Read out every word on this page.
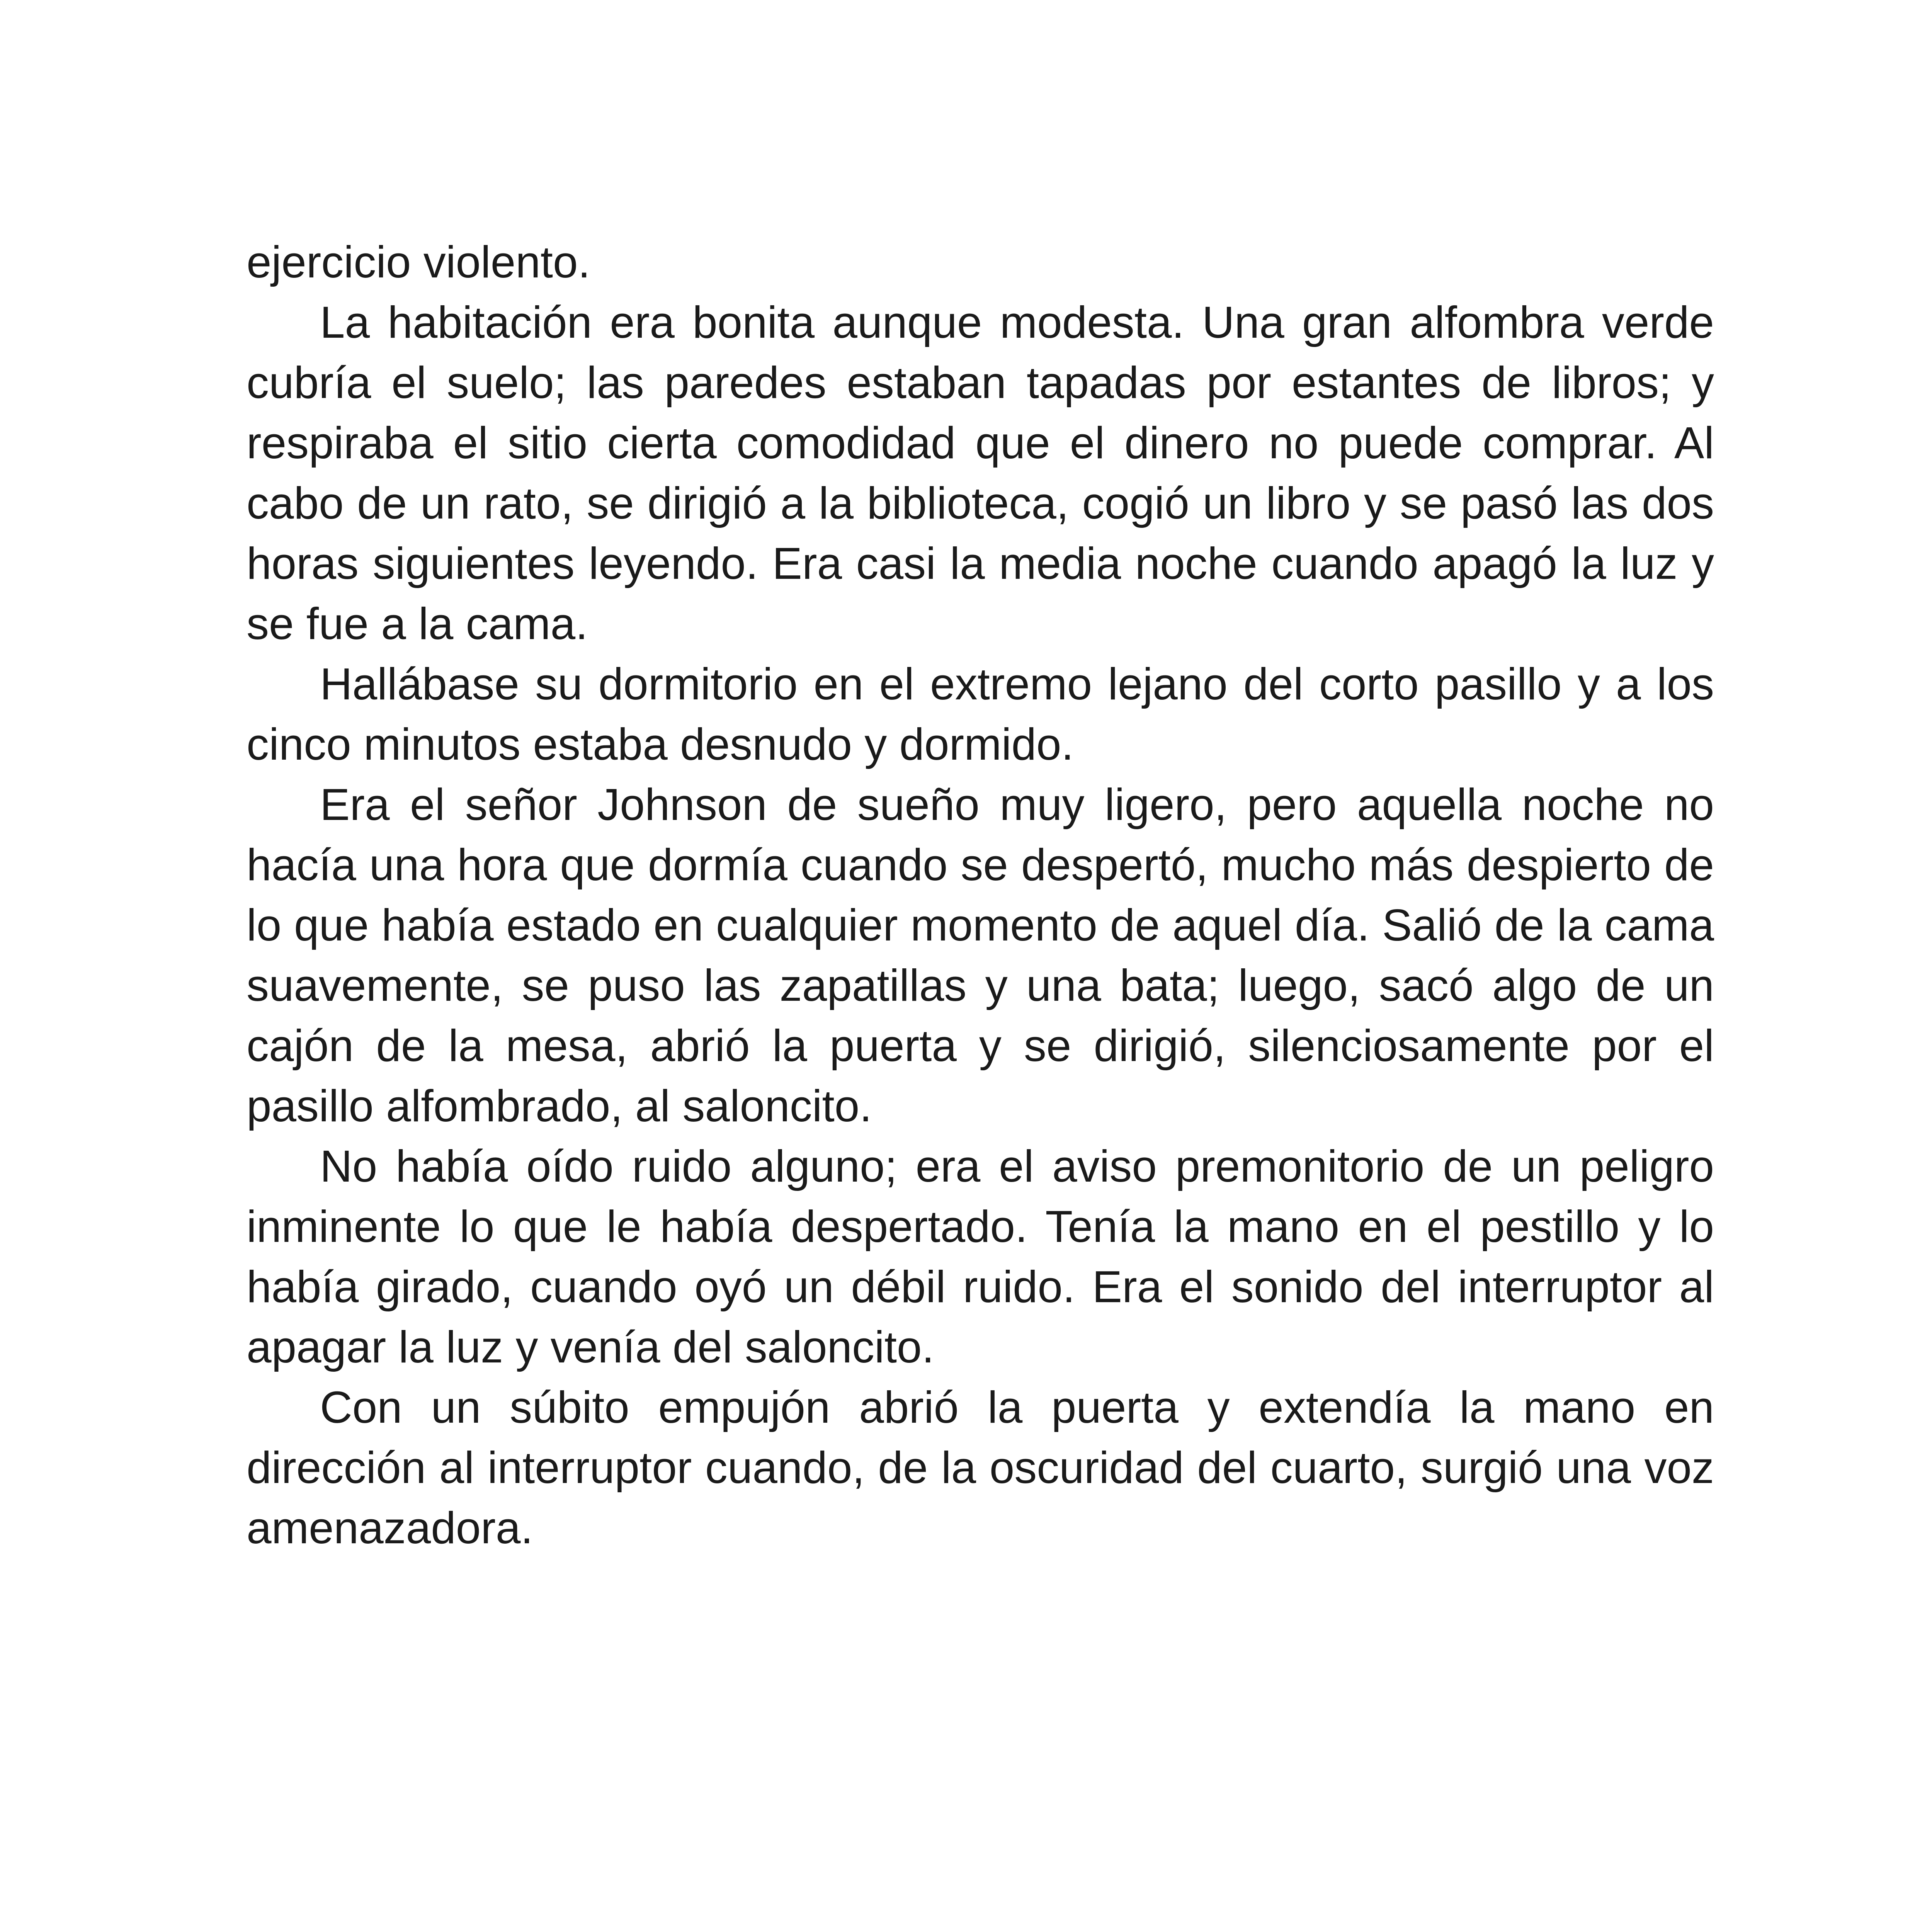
ejercicio violento.

La habitación era bonita aunque modesta. Una gran alfombra verde cubría el suelo; las paredes estaban tapadas por estantes de libros; y respiraba el sitio cierta comodidad que el dinero no puede comprar. Al cabo de un rato, se dirigió a la biblioteca, cogió un libro y se pasó las dos horas siguientes leyendo. Era casi la media noche cuando apagó la luz y se fue a la cama.

Hallábase su dormitorio en el extremo lejano del corto pasillo y a los cinco minutos estaba desnudo y dormido.

Era el señor Johnson de sueño muy ligero, pero aquella noche no hacía una hora que dormía cuando se despertó, mucho más despierto de lo que había estado en cualquier momento de aquel día. Salió de la cama suavemente, se puso las zapatillas y una bata; luego, sacó algo de un cajón de la mesa, abrió la puerta y se dirigió, silenciosamente por el pasillo alfombrado, al saloncito.

No había oído ruido alguno; era el aviso premonitorio de un peligro inminente lo que le había despertado. Tenía la mano en el pestillo y lo había girado, cuando oyó un débil ruido. Era el sonido del interruptor al apagar la luz y venía del saloncito.

Con un súbito empujón abrió la puerta y extendía la mano en dirección al interruptor cuando, de la oscuridad del cuarto, surgió una voz amenazadora.
